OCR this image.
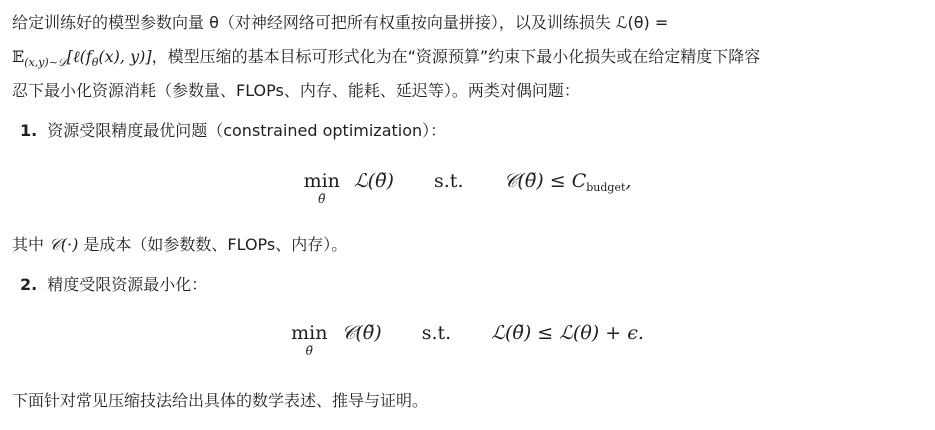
给定训练好的模型参数向量 θ（对神经网络可把所有权重按向量拼接），以及训练损失 ℒ(θ) =
$𝔼_{(x,y)\sim 𝒟}[\ell(f_\theta(x)$, y)]，模型压缩的基本目标可形式化为在“资源预算”约束下最小化损失或在给定精度下降容
忍下最小化资源消耗（参数量、FLOPs、内存、能耗、延迟等）。两类对偶问题：
1. 资源受限精度最优问题（constrained optimization）：
min
θ̃
ℒ(θ̃) s.t. 𝒞(θ̃) ≤ $C_{budget}$,
其中 𝒞(·) 是成本（如参数数、FLOPs、内存）。
2. 精度受限资源最小化：
min
θ̃
𝒞(θ̃) s.t. ℒ(θ̃) ≤ ℒ(θ) + ϵ.
下面针对常见压缩技法给出具体的数学表述、推导与证明。
